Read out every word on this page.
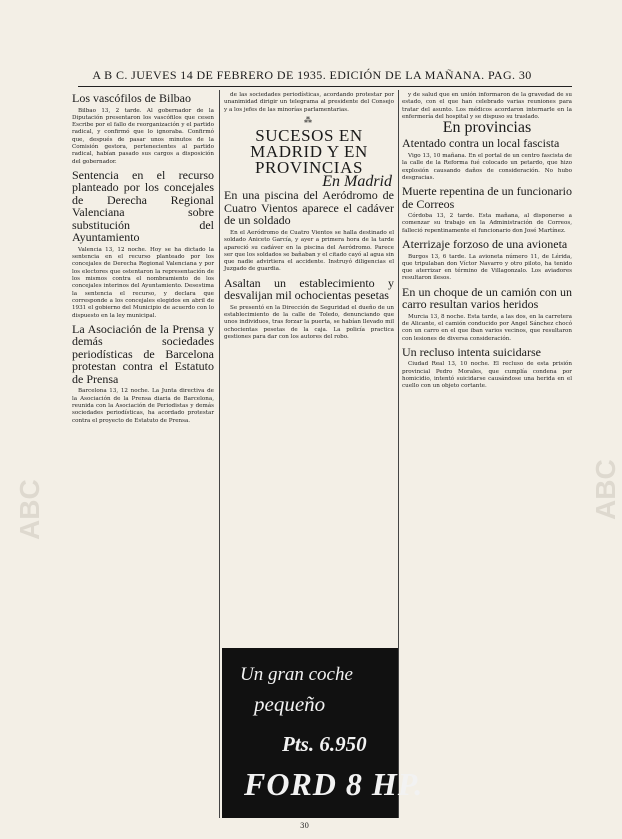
ABC	ABC
A B C. JUEVES 14 DE FEBRERO DE 1935. EDICIÓN DE LA MAÑANA. PAG. 30
Los vascófilos de Bilbao

Bilbao 13, 2 tarde. Al gobernador de la Diputación presentaron los vascófilos que cesen Escribe por el fallo de reorganización y el partido radical, y confirmó que lo ignoraba. Confirmó que, después de pasar unos minutos de la Comisión gestora, pertenecientes al partido radical, habían pasado sus cargos a disposición del gobernador.

Sentencia en el recurso planteado por los concejales de Derecha Regional Valenciana sobre substitución del Ayuntamiento

Valencia 13, 12 noche. Hoy se ha dictado la sentencia en el recurso planteado por los concejales de Derecha Regional Valenciana y por los electores que ostentaron la representación de los mismos contra el nombramiento de los concejales interinos del Ayuntamiento. Desestima la sentencia el recurso, y declara que corresponde a los concejales elegidos en abril de 1931 el gobierno del Municipio de acuerdo con lo dispuesto en la ley municipal.

La Asociación de la Prensa y demás sociedades periodísticas de Barcelona protestan contra el Estatuto de Prensa

Barcelona 13, 12 noche. La Junta directiva de la Asociación de la Prensa diaria de Barcelona, reunida con la Asociación de Periodistas y demás sociedades periodísticas, ha acordado protestar contra el proyecto de Estatuto de Prensa.

de las sociedades periodísticas, acordando protestar por unanimidad dirigir un telegrama al presidente del Consejo y a los jefes de las minorías parlamentarias.

⁂
SUCESOS EN MADRID Y EN PROVINCIAS
En Madrid
En una piscina del Aeródromo de Cuatro Vientos aparece el cadáver de un soldado

En el Aeródromo de Cuatro Vientos se halla destinado el soldado Aniceto García, y ayer a primera hora de la tarde apareció su cadáver en la piscina del Aeródromo. Parece ser que los soldados se bañaban y el citado cayó al agua sin que nadie advirtiera el accidente. Instruyó diligencias el Juzgado de guardia.

Asaltan un establecimiento y desvalijan mil ochocientas pesetas

Se presentó en la Dirección de Seguridad el dueño de un establecimiento de la calle de Toledo, denunciando que unos individuos, tras forzar la puerta, se habían llevado mil ochocientas pesetas de la caja. La policía practica gestiones para dar con los autores del robo.

Un gran coche
pequeño
Pts. 6.950
FORD 8 HP.

y de salud que en unión informaron de la gravedad de su estado, con el que han celebrado varias reuniones para tratar del asunto. Los médicos acordaron internarle en la enfermería del hospital y se dispuso su traslado.

En provincias
Atentado contra un local fascista

Vigo 13, 10 mañana. En el portal de un centro fascista de la calle de la Reforma fué colocado un petardo, que hizo explosión causando daños de consideración. No hubo desgracias.

Muerte repentina de un funcionario de Correos

Córdoba 13, 2 tarde. Esta mañana, al disponerse a comenzar su trabajo en la Administración de Correos, falleció repentinamente el funcionario don José Martínez.

Aterrizaje forzoso de una avioneta

Burgos 13, 6 tarde. La avioneta número 11, de Lérida, que tripulaban don Víctor Navarro y otro piloto, ha tenido que aterrizar en término de Villagonzalo. Los aviadores resultaron ilesos.

En un choque de un camión con un carro resultan varios heridos

Murcia 13, 8 noche. Esta tarde, a las dos, en la carretera de Alicante, el camión conducido por Angel Sánchez chocó con un carro en el que iban varios vecinos, que resultaron con lesiones de diversa consideración.

Un recluso intenta suicidarse

Ciudad Real 13, 10 noche. El recluso de esta prisión provincial Pedro Morales, que cumplía condena por homicidio, intentó suicidarse causándose una herida en el cuello con un objeto cortante.

30
